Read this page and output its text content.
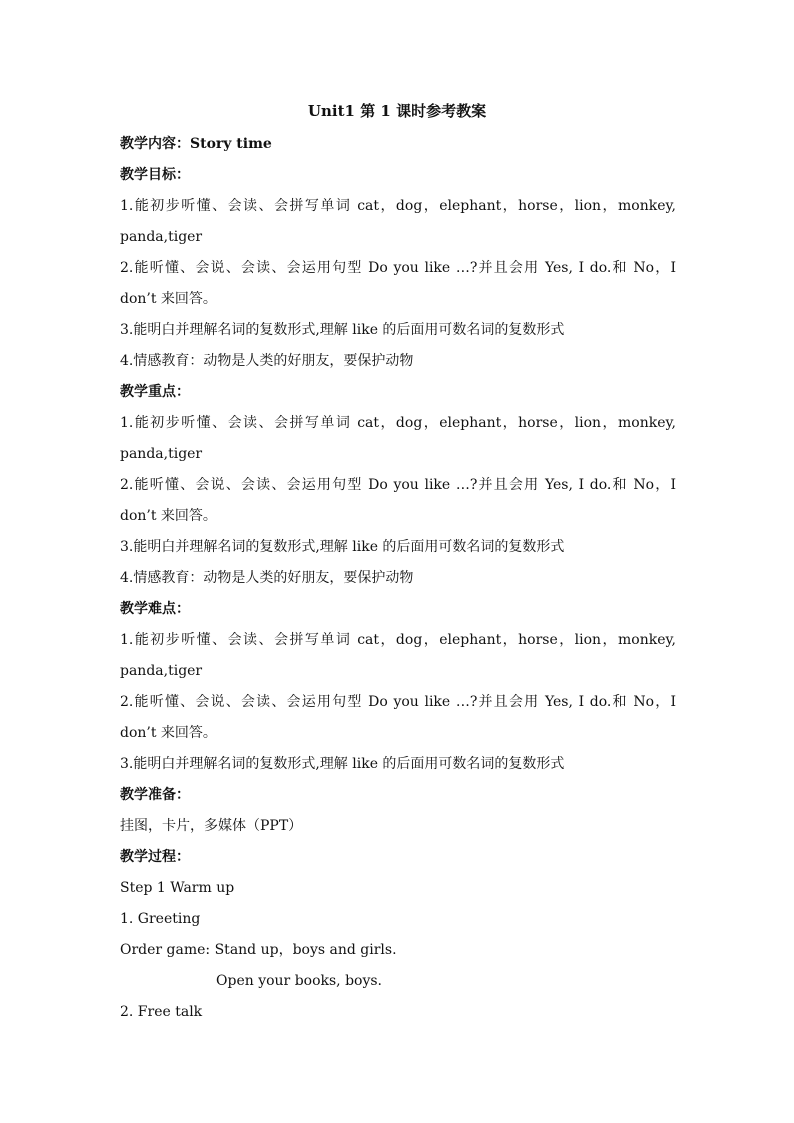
Unit1 第 1 课时参考教案
教学内容：Story time
教学目标：
1.能初步听懂、会读、会拼写单词 cat，dog，elephant，horse，lion，monkey,
panda,tiger
2.能听懂、会说、会读、会运用句型 Do you like …?并且会用 Yes, I do.和 No，I
don’t 来回答。
3.能明白并理解名词的复数形式,理解 like 的后面用可数名词的复数形式
4.情感教育：动物是人类的好朋友，要保护动物
教学重点：
1.能初步听懂、会读、会拼写单词 cat，dog，elephant，horse，lion，monkey,
panda,tiger
2.能听懂、会说、会读、会运用句型 Do you like …?并且会用 Yes, I do.和 No，I
don’t 来回答。
3.能明白并理解名词的复数形式,理解 like 的后面用可数名词的复数形式
4.情感教育：动物是人类的好朋友，要保护动物
教学难点：
1.能初步听懂、会读、会拼写单词 cat，dog，elephant，horse，lion，monkey,
panda,tiger
2.能听懂、会说、会读、会运用句型 Do you like …?并且会用 Yes, I do.和 No，I
don’t 来回答。
3.能明白并理解名词的复数形式,理解 like 的后面用可数名词的复数形式
教学准备：
挂图，卡片，多媒体（PPT）
教学过程：
Step 1 Warm up
1. Greeting
Order game: Stand up，boys and girls.
Open your books, boys.
2. Free talk
